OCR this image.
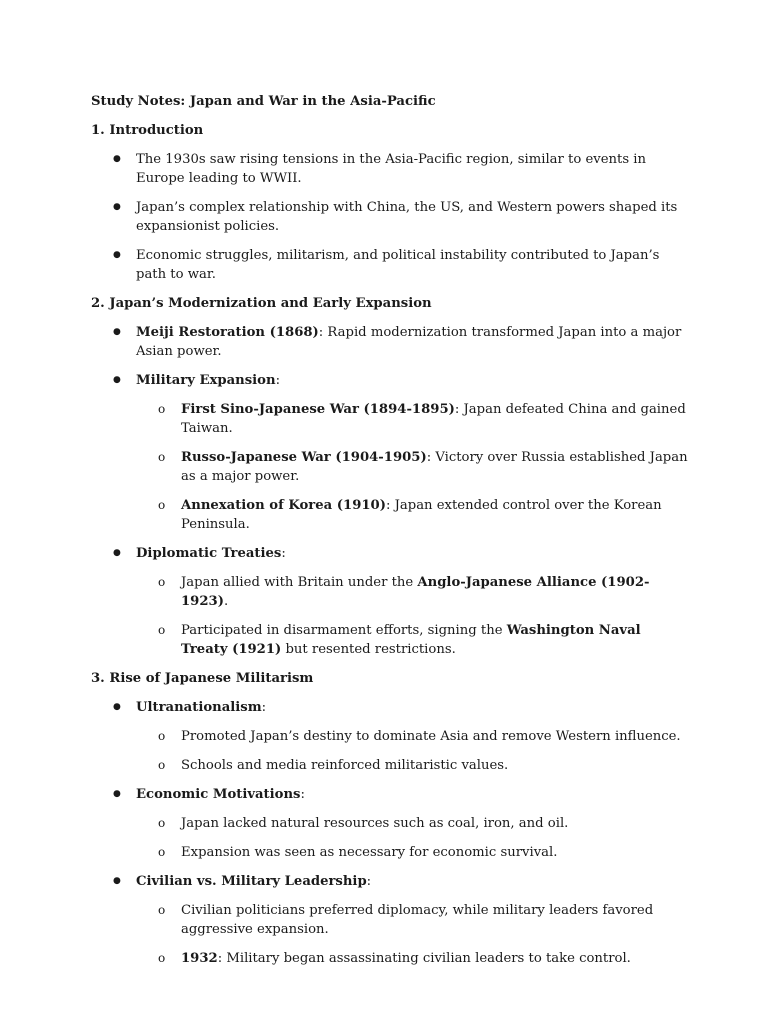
Study Notes: Japan and War in the Asia-Pacific
1. Introduction
● The 1930s saw rising tensions in the Asia-Pacific region, similar to events in Europe leading to WWII.
● Japan’s complex relationship with China, the US, and Western powers shaped its expansionist policies.
● Economic struggles, militarism, and political instability contributed to Japan’s path to war.
2. Japan’s Modernization and Early Expansion
● Meiji Restoration (1868): Rapid modernization transformed Japan into a major Asian power.
● Military Expansion:
o First Sino-Japanese War (1894-1895): Japan defeated China and gained Taiwan.
o Russo-Japanese War (1904-1905): Victory over Russia established Japan as a major power.
o Annexation of Korea (1910): Japan extended control over the Korean Peninsula.
● Diplomatic Treaties:
o Japan allied with Britain under the Anglo-Japanese Alliance (1902-1923).
o Participated in disarmament efforts, signing the Washington Naval Treaty (1921) but resented restrictions.
3. Rise of Japanese Militarism
● Ultranationalism:
o Promoted Japan’s destiny to dominate Asia and remove Western influence.
o Schools and media reinforced militaristic values.
● Economic Motivations:
o Japan lacked natural resources such as coal, iron, and oil.
o Expansion was seen as necessary for economic survival.
● Civilian vs. Military Leadership:
o Civilian politicians preferred diplomacy, while military leaders favored aggressive expansion.
o 1932: Military began assassinating civilian leaders to take control.
